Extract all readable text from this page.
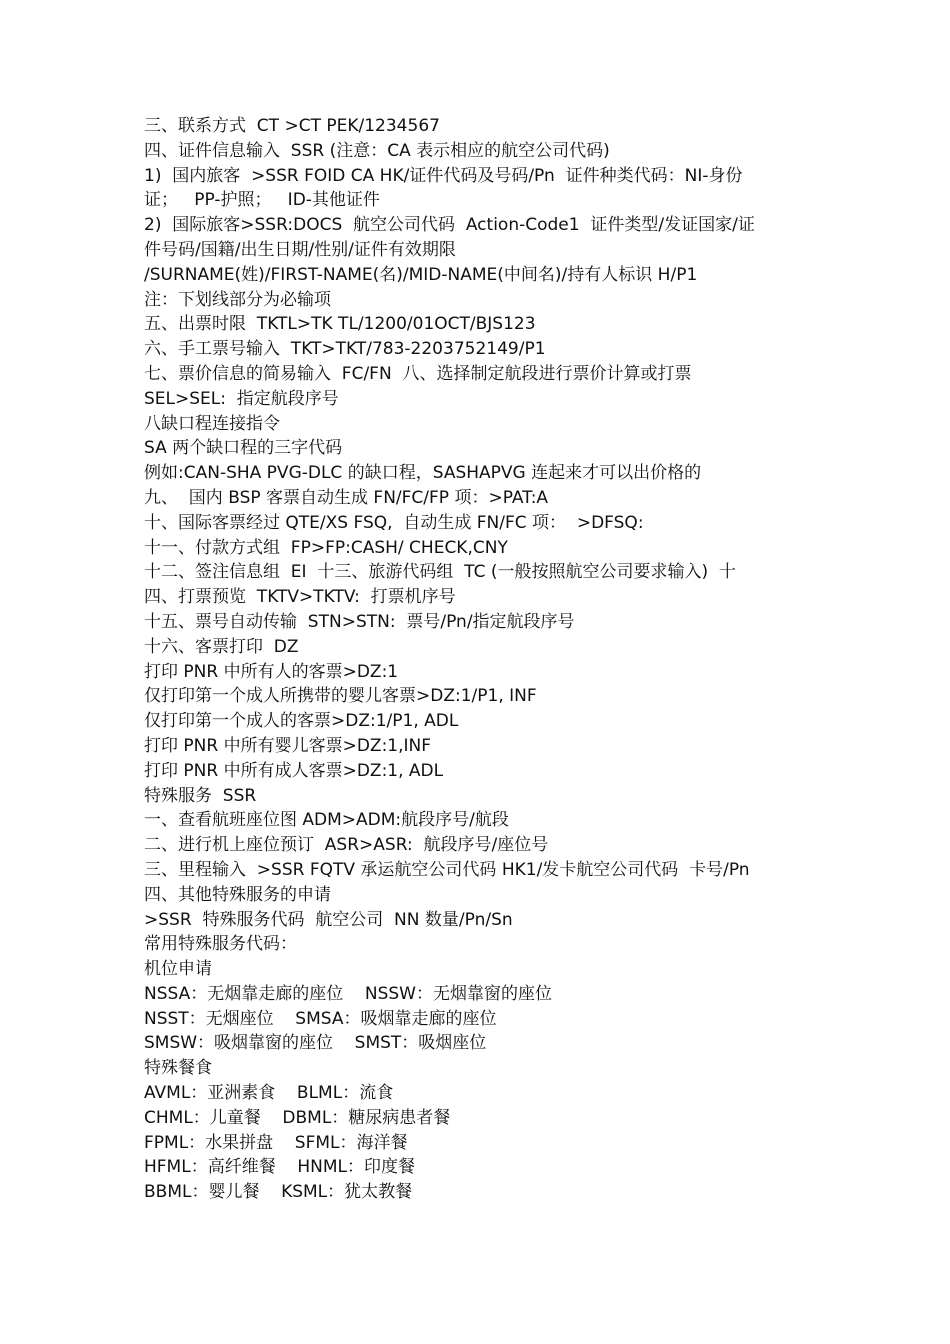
三、联系方式  CT >CT PEK/1234567
四、证件信息输入  SSR (注意：CA 表示相应的航空公司代码)
1)  国内旅客  >SSR FOID CA HK/证件代码及号码/Pn  证件种类代码：NI-身份
证；   PP-护照；   ID-其他证件
2)  国际旅客>SSR:DOCS  航空公司代码  Action-Code1  证件类型/发证国家/证
件号码/国籍/出生日期/性别/证件有效期限
/SURNAME(姓)/FIRST-NAME(名)/MID-NAME(中间名)/持有人标识 H/P1
注：下划线部分为必输项
五、出票时限  TKTL>TK TL/1200/01OCT/BJS123
六、手工票号输入  TKT>TKT/783-2203752149/P1
七、票价信息的简易输入  FC/FN  八、选择制定航段进行票价计算或打票
SEL>SEL:  指定航段序号
八缺口程连接指令
SA 两个缺口程的三字代码
例如:CAN-SHA PVG-DLC 的缺口程，SASHAPVG 连起来才可以出价格的
九、  国内 BSP 客票自动生成 FN/FC/FP 项：>PAT:A
十、国际客票经过 QTE/XS FSQ,  自动生成 FN/FC 项：  >DFSQ:
十一、付款方式组  FP>FP:CASH/ CHECK,CNY
十二、签注信息组  EI  十三、旅游代码组  TC (一般按照航空公司要求输入)  十
四、打票预览  TKTV>TKTV:  打票机序号
十五、票号自动传输  STN>STN:  票号/Pn/指定航段序号
十六、客票打印  DZ
打印 PNR 中所有人的客票>DZ:1
仅打印第一个成人所携带的婴儿客票>DZ:1/P1, INF
仅打印第一个成人的客票>DZ:1/P1, ADL
打印 PNR 中所有婴儿客票>DZ:1,INF
打印 PNR 中所有成人客票>DZ:1, ADL
特殊服务  SSR
一、查看航班座位图 ADM>ADM:航段序号/航段
二、进行机上座位预订  ASR>ASR:  航段序号/座位号
三、里程输入  >SSR FQTV 承运航空公司代码 HK1/发卡航空公司代码  卡号/Pn
四、其他特殊服务的申请
>SSR  特殊服务代码  航空公司  NN 数量/Pn/Sn
常用特殊服务代码：
机位申请
NSSA：无烟靠走廊的座位    NSSW：无烟靠窗的座位
NSST：无烟座位    SMSA：吸烟靠走廊的座位
SMSW：吸烟靠窗的座位    SMST：吸烟座位
特殊餐食
AVML：亚洲素食    BLML：流食
CHML：儿童餐    DBML：糖尿病患者餐
FPML：水果拼盘    SFML：海洋餐
HFML：高纤维餐    HNML：印度餐
BBML：婴儿餐    KSML：犹太教餐
